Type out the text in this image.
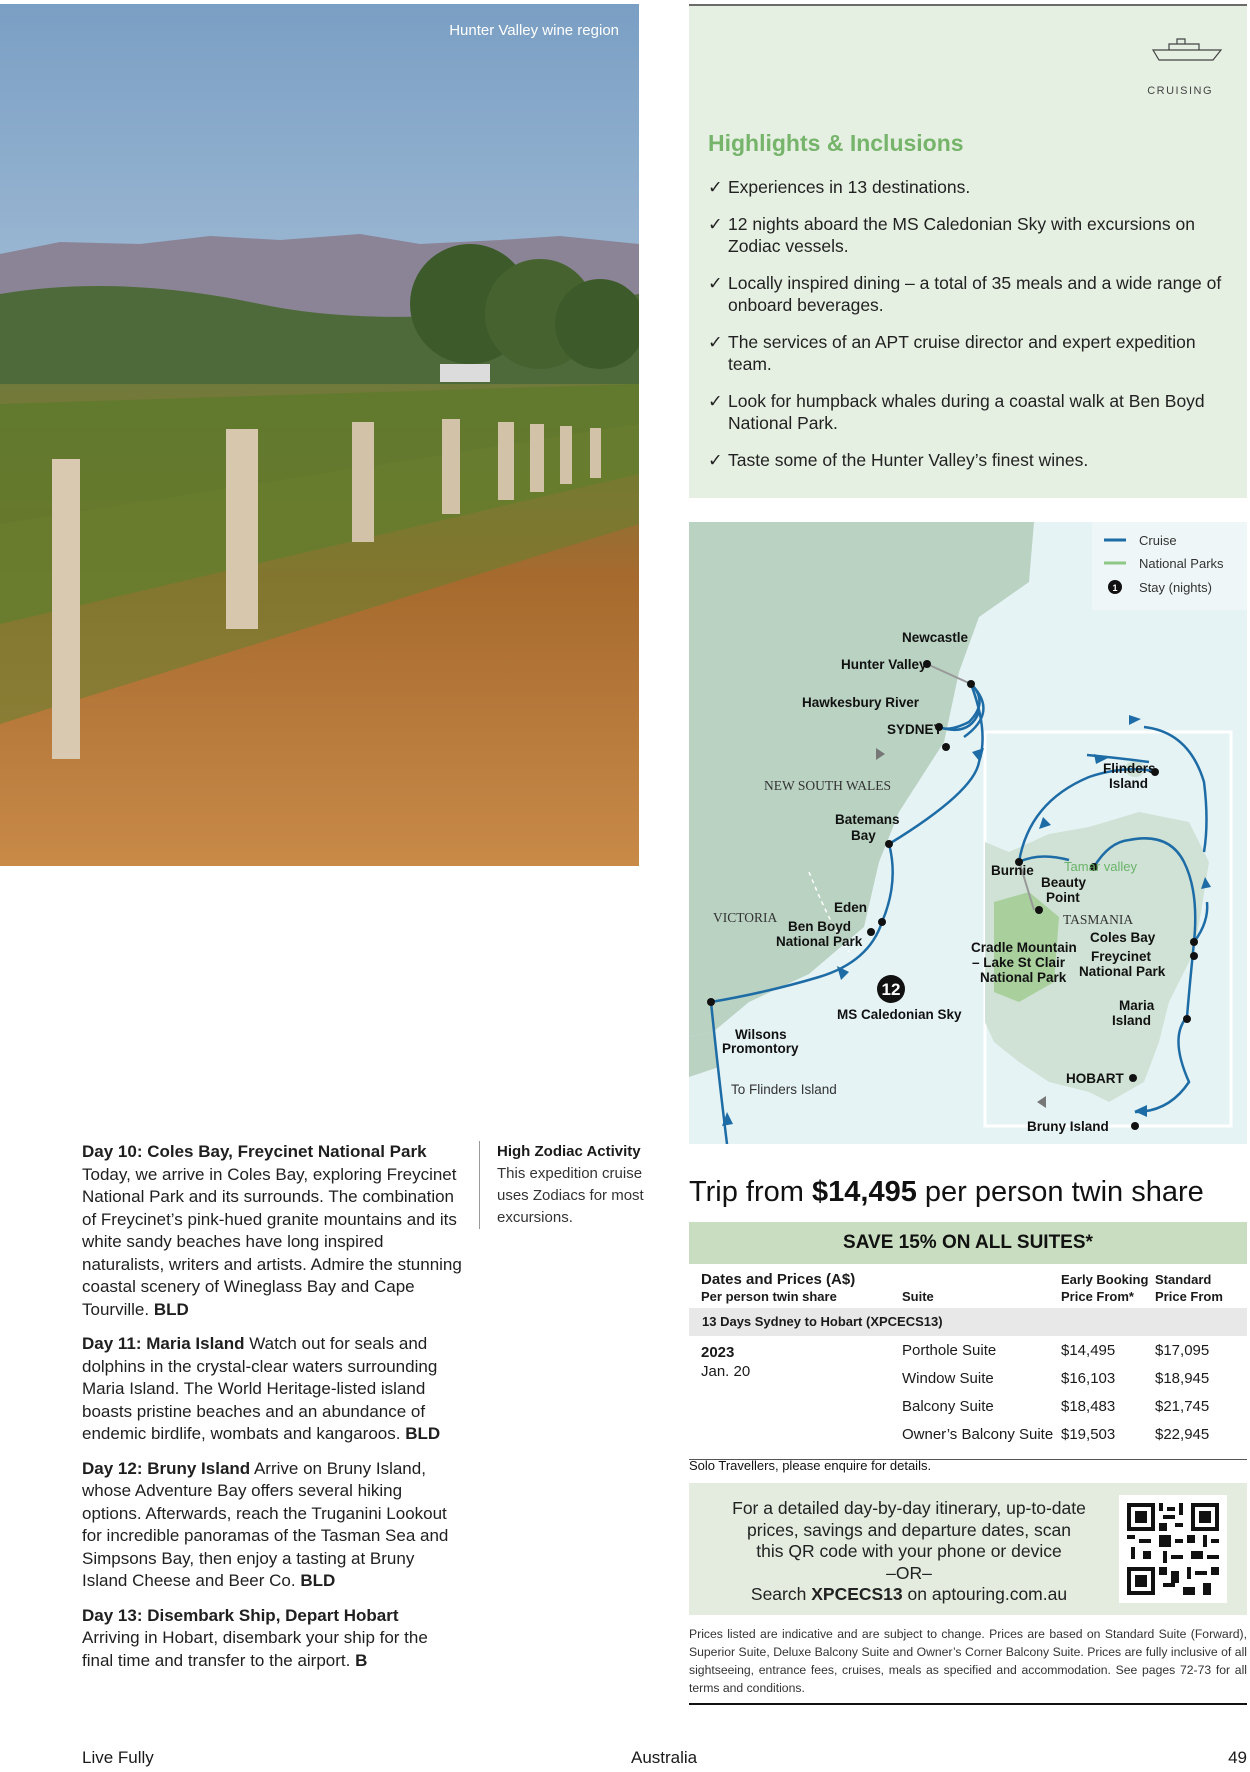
Hunter Valley wine region
CRUISING
Highlights & Inclusions
✓ Experiences in 13 destinations.
✓ 12 nights aboard the MS Caledonian Sky with excursions on Zodiac vessels.
✓ Locally inspired dining – a total of 35 meals and a wide range of onboard beverages.
✓ The services of an APT cruise director and expert expedition team.
✓ Look for humpback whales during a coastal walk at Ben Boyd National Park.
✓ Taste some of the Hunter Valley’s finest wines.
Cruise
National Parks
1 Stay (nights)
12
Newcastle
Hunter Valley
Hawkesbury River
SYDNEY
Batemans
Bay
Eden
Ben Boyd
National Park
MS Caledonian Sky
Wilsons
Promontory
Flinders
Island
Burnie
Beauty
Point
Cradle Mountain
– Lake St Clair
National Park
Coles Bay
Freycinet
National Park
Maria
Island
HOBART
Bruny Island
To Flinders Island
Tamar valley
NEW SOUTH WALES
VICTORIA	TASMANIA
Day 10: Coles Bay, Freycinet National Park
Today, we arrive in Coles Bay, exploring Freycinet National Park and its surrounds. The combination of Freycinet’s pink-hued granite mountains and its white sandy beaches have long inspired naturalists, writers and artists. Admire the stunning coastal scenery of Wineglass Bay and Cape Tourville. BLD
Day 11: Maria Island Watch out for seals and dolphins in the crystal-clear waters surrounding Maria Island. The World Heritage-listed island boasts pristine beaches and an abundance of endemic birdlife, wombats and kangaroos. BLD
Day 12: Bruny Island Arrive on Bruny Island, whose Adventure Bay offers several hiking options. Afterwards, reach the Truganini Lookout for incredible panoramas of the Tasman Sea and Simpsons Bay, then enjoy a tasting at Bruny Island Cheese and Beer Co. BLD
Day 13: Disembark Ship, Depart Hobart
Arriving in Hobart, disembark your ship for the final time and transfer to the airport. B
High Zodiac Activity
This expedition cruise uses Zodiacs for most excursions.
Trip from $14,495 per person twin share
SAVE 15% ON ALL SUITES*
Dates and Prices (A$)
Per person twin share	Suite
Early Booking
Price From*
Standard
Price From
13 Days Sydney to Hobart (XPCECS13)
2023
Jan. 20
Porthole Suite	$14,495	$17,095
Window Suite	$16,103	$18,945
Balcony Suite	$18,483	$21,745
Owner’s Balcony Suite $19,503	$22,945
Solo Travellers, please enquire for details.
For a detailed day-by-day itinerary, up-to-date
prices, savings and departure dates, scan
this QR code with your phone or device
–OR–
Search XPCECS13 on aptouring.com.au
Prices listed are indicative and are subject to change. Prices are based on Standard Suite (Forward), Superior Suite, Deluxe Balcony Suite and Owner’s Corner Balcony Suite. Prices are fully inclusive of all sightseeing, entrance fees, cruises, meals as specified and accommodation. See pages 72-73 for all terms and conditions.
Live Fully	Australia	49
